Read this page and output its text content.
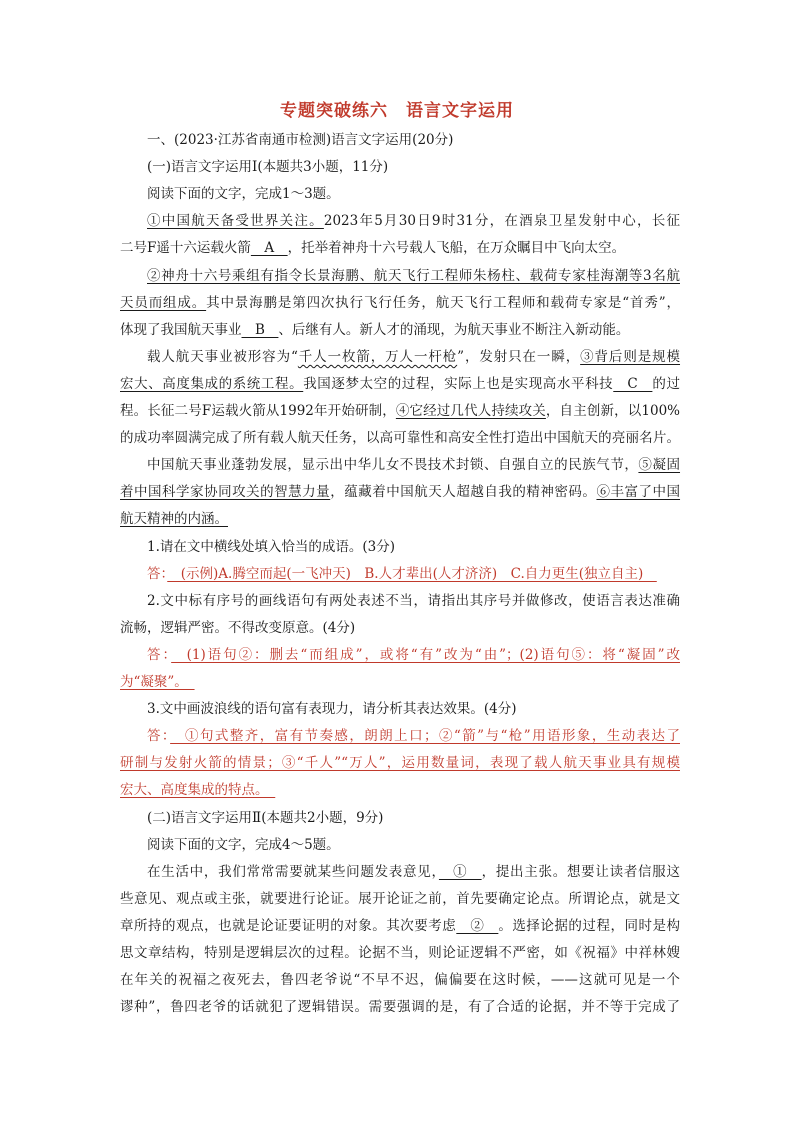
专题突破练六　语言文字运用
一、(2023·江苏省南通市检测)语言文字运用(20分)
(一)语言文字运用Ⅰ(本题共3小题，11分)
阅读下面的文字，完成1～3题。
①中国航天备受世界关注。2023年5月30日9时31分，在酒泉卫星发射中心，长征
二号F遥十六运载火箭　A　，托举着神舟十六号载人飞船，在万众瞩目中飞向太空。
②神舟十六号乘组有指令长景海鹏、航天飞行工程师朱杨柱、载荷专家桂海潮等3名航
天员而组成。其中景海鹏是第四次执行飞行任务，航天飞行工程师和载荷专家是“首秀”，
体现了我国航天事业　B　、后继有人。新人才的涌现，为航天事业不断注入新动能。
载人航天事业被形容为“千人一枚箭，万人一杆枪”，发射只在一瞬，③背后则是规模
宏大、高度集成的系统工程。我国逐梦太空的过程，实际上也是实现高水平科技　C　的过
程。长征二号F运载火箭从1992年开始研制，④它经过几代人持续攻关，自主创新，以100%
的成功率圆满完成了所有载人航天任务，以高可靠性和高安全性打造出中国航天的亮丽名片。
中国航天事业蓬勃发展，显示出中华儿女不畏技术封锁、自强自立的民族气节，⑤凝固
着中国科学家协同攻关的智慧力量，蕴藏着中国航天人超越自我的精神密码。⑥丰富了中国
航天精神的内涵。
1.请在文中横线处填入恰当的成语。(3分)
答：　(示例)A.腾空而起(一飞冲天)　B.人才辈出(人才济济)　C.自力更生(独立自主)　
2.文中标有序号的画线语句有两处表述不当，请指出其序号并做修改，使语言表达准确
流畅，逻辑严密。不得改变原意。(4分)
答：　(1)语句②：删去“而组成”，或将“有”改为“由”；(2)语句⑤：将“凝固”改
为“凝聚”。　
3.文中画波浪线的语句富有表现力，请分析其表达效果。(4分)
答：　①句式整齐，富有节奏感，朗朗上口；②“箭”与“枪”用语形象，生动表达了
研制与发射火箭的情景；③“千人”“万人”，运用数量词，表现了载人航天事业具有规模
宏大、高度集成的特点。　
(二)语言文字运用Ⅱ(本题共2小题，9分)
阅读下面的文字，完成4～5题。
在生活中，我们常常需要就某些问题发表意见，　①　，提出主张。想要让读者信服这
些意见、观点或主张，就要进行论证。展开论证之前，首先要确定论点。所谓论点，就是文
章所持的观点，也就是论证要证明的对象。其次要考虑　②　。选择论据的过程，同时是构
思文章结构，特别是逻辑层次的过程。论据不当，则论证逻辑不严密，如《祝福》中祥林嫂
在年关的祝福之夜死去，鲁四老爷说“不早不迟，偏偏要在这时候，——这就可见是一个
谬种”，鲁四老爷的话就犯了逻辑错误。需要强调的是，有了合适的论据，并不等于完成了
